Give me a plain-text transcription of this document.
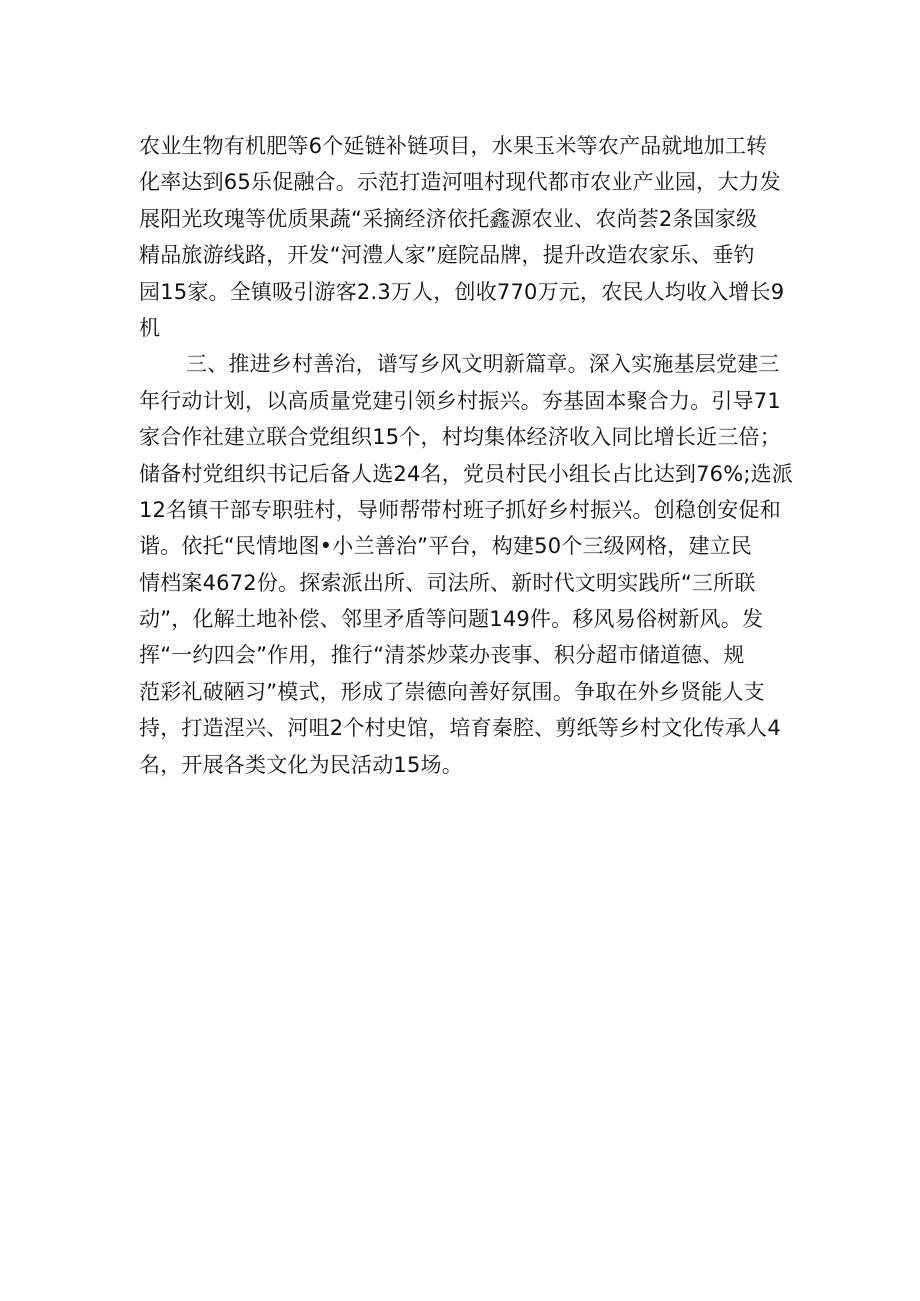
农业生物有机肥等6个延链补链项目，水果玉米等农产品就地加工转
化率达到65乐促融合。示范打造河咀村现代都市农业产业园，大力发
展阳光玫瑰等优质果蔬“采摘经济依托鑫源农业、农尚荟2条国家级
精品旅游线路，开发“河澧人家”庭院品牌，提升改造农家乐、垂钓
园15家。全镇吸引游客2.3万人，创收770万元，农民人均收入增长9
机
三、推进乡村善治，谱写乡风文明新篇章。深入实施基层党建三
年行动计划，以高质量党建引领乡村振兴。夯基固本聚合力。引导71
家合作社建立联合党组织15个，村均集体经济收入同比增长近三倍；
储备村党组织书记后备人选24名，党员村民小组长占比达到76%;选派
12名镇干部专职驻村，导师帮带村班子抓好乡村振兴。创稳创安促和
谐。依托“民情地图•小兰善治”平台，构建50个三级网格，建立民
情档案4672份。探索派出所、司法所、新时代文明实践所“三所联
动”，化解土地补偿、邻里矛盾等问题149件。移风易俗树新风。发
挥“一约四会”作用，推行“清茶炒菜办丧事、积分超市储道德、规
范彩礼破陋习”模式，形成了崇德向善好氛围。争取在外乡贤能人支
持，打造涅兴、河咀2个村史馆，培育秦腔、剪纸等乡村文化传承人4
名，开展各类文化为民活动15场。
